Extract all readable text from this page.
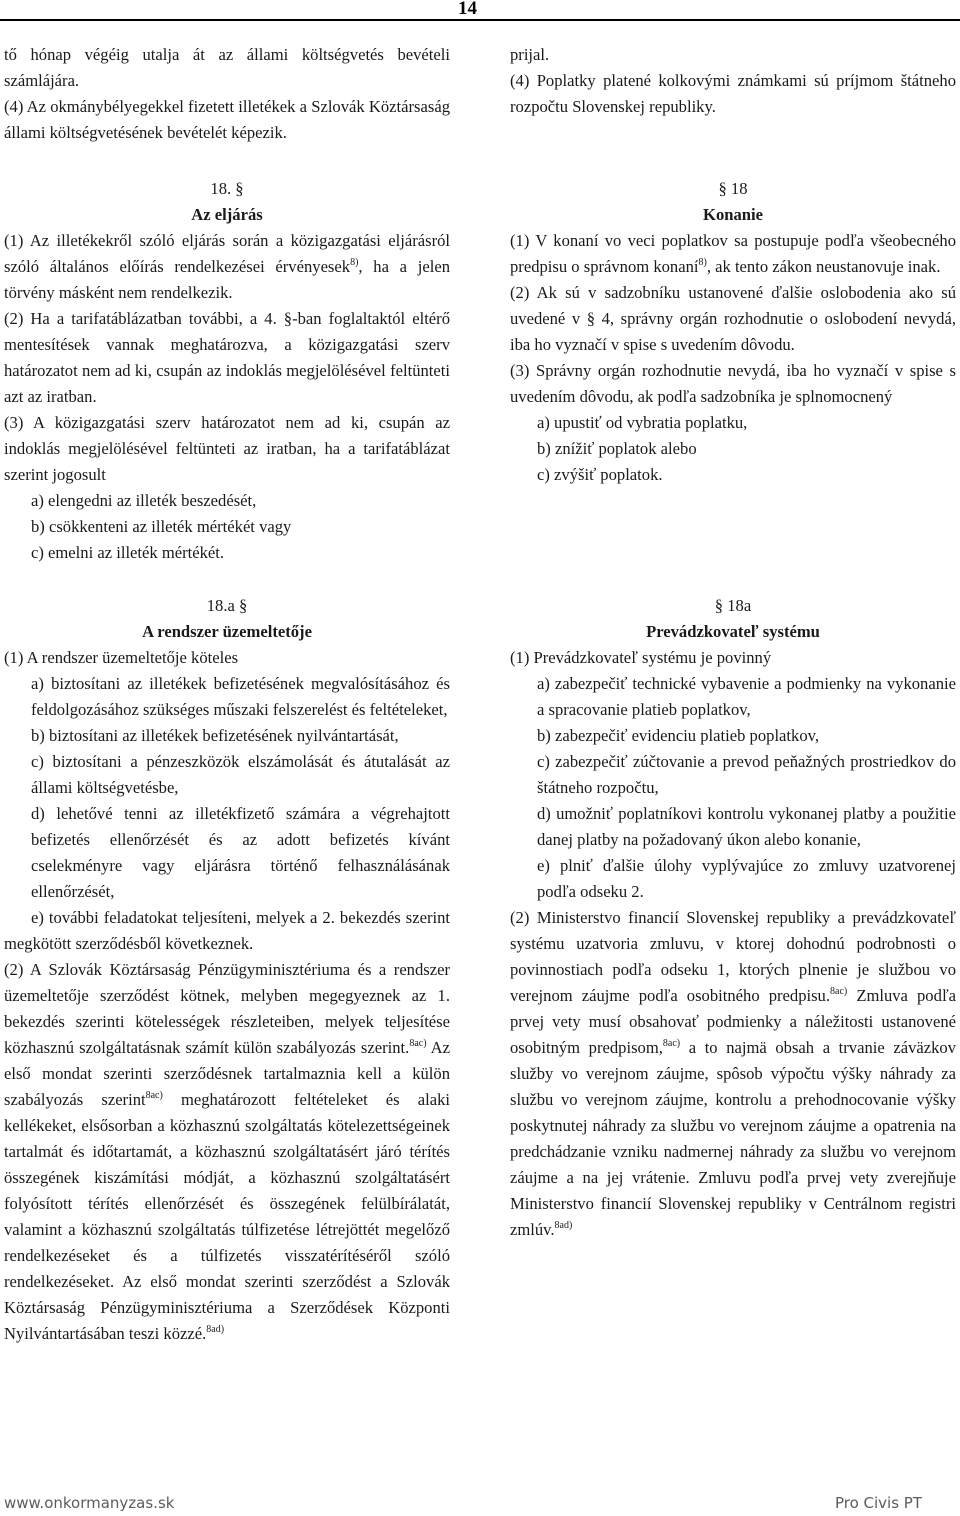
14

tő hónap végéig utalja át az állami költségvetés bevételi számlájára.

(4) Az okmánybélyegekkel fizetett illetékek a Szlovák Köztársaság állami költségvetésének bevételét képezik.

prijal.

(4) Poplatky platené kolkovými známkami sú príjmom štátneho rozpočtu Slovenskej republiky.

18. §

Az eljárás

(1) Az illetékekről szóló eljárás során a közigazgatási eljárásról szóló általános előírás rendelkezései érvényesek$^{8)}$, ha a jelen törvény másként nem rendelkezik.

(2) Ha a tarifatáblázatban további, a 4. §-ban foglaltaktól eltérő mentesítések vannak meghatározva, a közigazgatási szerv határozatot nem ad ki, csupán az indoklás megjelölésével feltünteti azt az iratban.

(3) A közigazgatási szerv határozatot nem ad ki, csupán az indoklás megjelölésével feltünteti az iratban, ha a tarifatáblázat szerint jogosult

a) elengedni az illeték beszedését,

b) csökkenteni az illeték mértékét vagy

c) emelni az illeték mértékét.

§ 18

Konanie

(1) V konaní vo veci poplatkov sa postupuje podľa všeobecného predpisu o správnom konaní$^{8)}$, ak tento zákon neustanovuje inak.

(2) Ak sú v sadzobníku ustanovené ďalšie oslobodenia ako sú uvedené v § 4, správny orgán rozhodnutie o oslobodení nevydá, iba ho vyznačí v spise s uvedením dôvodu.

(3) Správny orgán rozhodnutie nevydá, iba ho vyznačí v spise s uvedením dôvodu, ak podľa sadzobníka je splnomocnený

a) upustiť od vybratia poplatku,

b) znížiť poplatok alebo

c) zvýšiť poplatok.

18.a §

A rendszer üzemeltetője

(1) A rendszer üzemeltetője köteles

a) biztosítani az illetékek befizetésének megvalósításához és feldolgozásához szükséges műszaki felszerelést és feltételeket,

b) biztosítani az illetékek befizetésének nyilvántartását,

c) biztosítani a pénzeszközök elszámolását és átutalását az állami költségvetésbe,

d) lehetővé tenni az illetékfizető számára a végrehajtott befizetés ellenőrzését és az adott befizetés kívánt cselekményre vagy eljárásra történő felhasználásának ellenőrzését,

e) további feladatokat teljesíteni, melyek a 2. bekezdés szerint megkötött szerződésből következnek.

(2) A Szlovák Köztársaság Pénzügyminisztériuma és a rendszer üzemeltetője szerződést kötnek, melyben megegyeznek az 1. bekezdés szerinti kötelességek részleteiben, melyek teljesítése közhasznú szolgáltatásnak számít külön szabályozás szerint.$^{8ac)}$ Az első mondat szerinti szerződésnek tartalmaznia kell a külön szabályozás szerint$^{8ac)}$ meghatározott feltételeket és alaki kellékeket, elsősorban a közhasznú szolgáltatás kötelezettségeinek tartalmát és időtartamát, a közhasznú szolgáltatásért járó térítés összegének kiszámítási módját, a közhasznú szolgáltatásért folyósított térítés ellenőrzését és összegének felülbírálatát, valamint a közhasznú szolgáltatás túlfizetése létrejöttét megelőző rendelkezéseket és a túlfizetés visszatérítéséről szóló rendelkezéseket. Az első mondat szerinti szerződést a Szlovák Köztársaság Pénzügyminisztériuma a Szerződések Központi Nyilvántartásában teszi közzé.$^{8ad)}$

§ 18a

Prevádzkovateľ systému

(1) Prevádzkovateľ systému je povinný

a) zabezpečiť technické vybavenie a podmienky na vykonanie a spracovanie platieb poplatkov,

b) zabezpečiť evidenciu platieb poplatkov,

c) zabezpečiť zúčtovanie a prevod peňažných prostriedkov do štátneho rozpočtu,

d) umožniť poplatníkovi kontrolu vykonanej platby a použitie danej platby na požadovaný úkon alebo konanie,

e) plniť ďalšie úlohy vyplývajúce zo zmluvy uzatvorenej podľa odseku 2.

(2) Ministerstvo financií Slovenskej republiky a prevádzkovateľ systému uzatvoria zmluvu, v ktorej dohodnú podrobnosti o povinnostiach podľa odseku 1, ktorých plnenie je službou vo verejnom záujme podľa osobitného predpisu.$^{8ac)}$ Zmluva podľa prvej vety musí obsahovať podmienky a náležitosti ustanovené osobitným predpisom,$^{8ac)}$ a to najmä obsah a trvanie záväzkov služby vo verejnom záujme, spôsob výpočtu výšky náhrady za službu vo verejnom záujme, kontrolu a prehodnocovanie výšky poskytnutej náhrady za službu vo verejnom záujme a opatrenia na predchádzanie vzniku nadmernej náhrady za službu vo verejnom záujme a na jej vrátenie. Zmluvu podľa prvej vety zverejňuje Ministerstvo financií Slovenskej republiky v Centrálnom registri zmlúv.$^{8ad)}$

www.onkormanyzas.sk	Pro Civis PT
